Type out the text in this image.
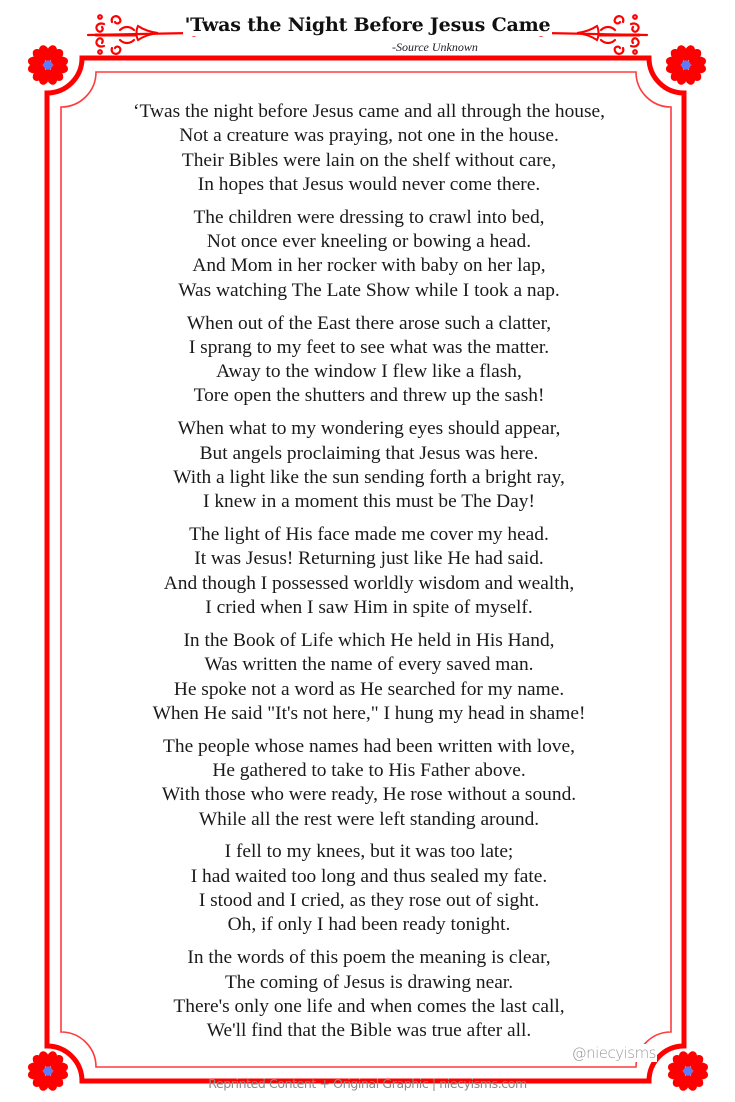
'Twas the Night Before Jesus Came
-Source Unknown
‘Twas the night before Jesus came and all through the house,
Not a creature was praying, not one in the house.
Their Bibles were lain on the shelf without care,
In hopes that Jesus would never come there.
The children were dressing to crawl into bed,
Not once ever kneeling or bowing a head.
And Mom in her rocker with baby on her lap,
Was watching The Late Show while I took a nap.
When out of the East there arose such a clatter,
I sprang to my feet to see what was the matter.
Away to the window I flew like a flash,
Tore open the shutters and threw up the sash!
When what to my wondering eyes should appear,
But angels proclaiming that Jesus was here.
With a light like the sun sending forth a bright ray,
I knew in a moment this must be The Day!
The light of His face made me cover my head.
It was Jesus! Returning just like He had said.
And though I possessed worldly wisdom and wealth,
I cried when I saw Him in spite of myself.
In the Book of Life which He held in His Hand,
Was written the name of every saved man.
He spoke not a word as He searched for my name.
When He said "It's not here," I hung my head in shame!
The people whose names had been written with love,
He gathered to take to His Father above.
With those who were ready, He rose without a sound.
While all the rest were left standing around.
I fell to my knees, but it was too late;
I had waited too long and thus sealed my fate.
I stood and I cried, as they rose out of sight.
Oh, if only I had been ready tonight.
In the words of this poem the meaning is clear,
The coming of Jesus is drawing near.
There's only one life and when comes the last call,
We'll find that the Bible was true after all.
@niecyisms
Reprinted Content + Original Graphic | niecyisms.com
